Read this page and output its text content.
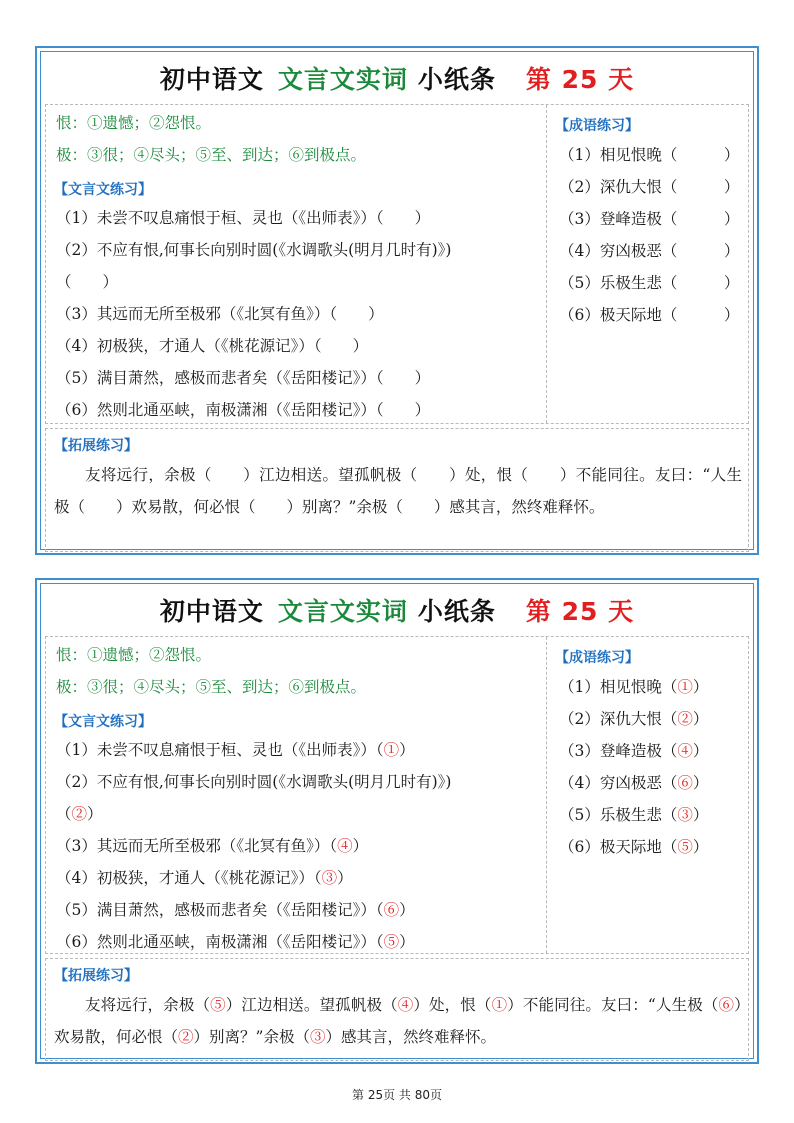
初中语文 文言文实词 小纸条 第 25 天
恨：①遗憾；②怨恨。
极：③很；④尽头；⑤至、到达；⑥到极点。
【文言文练习】
（1）未尝不叹息痛恨于桓、灵也（《出师表》）（　　）
（2）不应有恨,何事长向别时圆(《水调歌头(明月几时有)》)
（　　）
（3）其远而无所至极邪（《北冥有鱼》）（　　）
（4）初极狭，才通人（《桃花源记》）（　　）
（5）满目萧然，感极而悲者矣（《岳阳楼记》）（　　）
（6）然则北通巫峡，南极潇湘（《岳阳楼记》）（　　）
【成语练习】
（1）相见恨晚（　　　）
（2）深仇大恨（　　　）
（3）登峰造极（　　　）
（4）穷凶极恶（　　　）
（5）乐极生悲（　　　）
（6）极天际地（　　　）
【拓展练习】
友将远行，余极（　　）江边相送。望孤帆极（　　）处，恨（　　）不能同往。友曰：“人生极（　　）欢易散，何必恨（　　）别离？”余极（　　）感其言，然终难释怀。
初中语文 文言文实词 小纸条 第 25 天
恨：①遗憾；②怨恨。
极：③很；④尽头；⑤至、到达；⑥到极点。
【文言文练习】
（1）未尝不叹息痛恨于桓、灵也（《出师表》）（①）
（2）不应有恨,何事长向别时圆(《水调歌头(明月几时有)》)
（②）
（3）其远而无所至极邪（《北冥有鱼》）（④）
（4）初极狭，才通人（《桃花源记》）（③）
（5）满目萧然，感极而悲者矣（《岳阳楼记》）（⑥）
（6）然则北通巫峡，南极潇湘（《岳阳楼记》）（⑤）
【成语练习】
（1）相见恨晚（①）
（2）深仇大恨（②）
（3）登峰造极（④）
（4）穷凶极恶（⑥）
（5）乐极生悲（③）
（6）极天际地（⑤）
【拓展练习】
友将远行，余极（⑤）江边相送。望孤帆极（④）处，恨（①）不能同往。友曰：“人生极（⑥）欢易散，何必恨（②）别离？”余极（③）感其言，然终难释怀。
第 25页 共 80页
